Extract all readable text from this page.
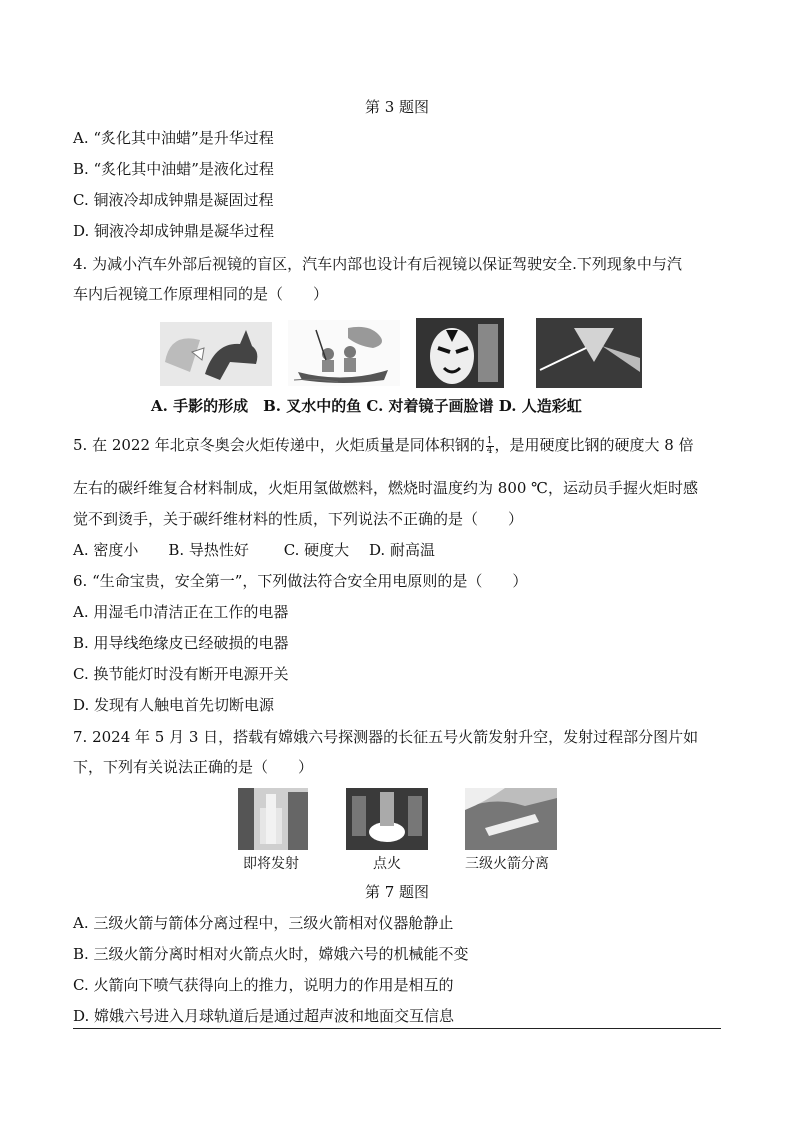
第 3 题图
A. “炙化其中油蜡”是升华过程
B. “炙化其中油蜡”是液化过程
C. 铜液冷却成钟鼎是凝固过程
D. 铜液冷却成钟鼎是凝华过程
4. 为减小汽车外部后视镜的盲区，汽车内部也设计有后视镜以保证驾驶安全.下列现象中与汽
车内后视镜工作原理相同的是（　　）
A. 手影的形成　B. 叉水中的鱼 C. 对着镜子画脸谱 D. 人造彩虹
5. 在 2022 年北京冬奥会火炬传递中，火炬质量是同体积钢的 $\frac{1}{4}$ ，是用硬度比钢的硬度大 8 倍
左右的碳纤维复合材料制成，火炬用氢做燃料，燃烧时温度约为 800 ℃，运动员手握火炬时感
觉不到烫手，关于碳纤维材料的性质，下列说法不正确的是（　　）
A. 密度小　　B. 导热性好　　 C. 硬度大　 D. 耐高温
6. “生命宝贵，安全第一”，下列做法符合安全用电原则的是（　　）
A. 用湿毛巾清洁正在工作的电器
B. 用导线绝缘皮已经破损的电器
C. 换节能灯时没有断开电源开关
D. 发现有人触电首先切断电源
7. 2024 年 5 月 3 日，搭载有嫦娥六号探测器的长征五号火箭发射升空，发射过程部分图片如
下，下列有关说法正确的是（　　）
即将发射	点火	三级火箭分离
第 7 题图
A. 三级火箭与箭体分离过程中，三级火箭相对仪器舱静止
B. 三级火箭分离时相对火箭点火时，嫦娥六号的机械能不变
C. 火箭向下喷气获得向上的推力，说明力的作用是相互的
D. 嫦娥六号进入月球轨道后是通过超声波和地面交互信息
